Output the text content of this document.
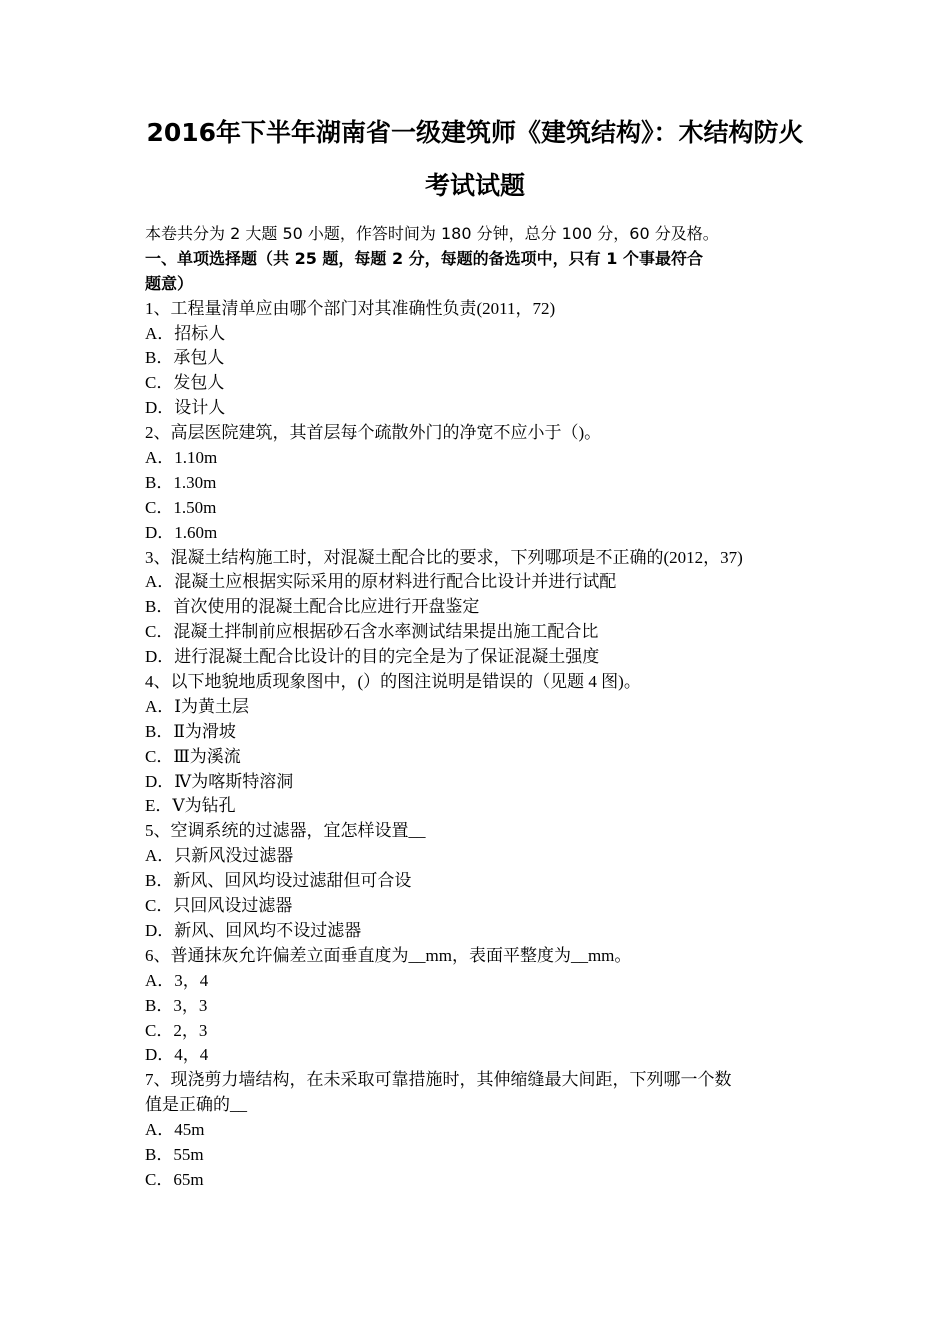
2016年下半年湖南省一级建筑师《建筑结构》：木结构防火
考试试题
本卷共分为 2 大题 50 小题，作答时间为 180 分钟，总分 100 分，60 分及格。
一、单项选择题（共 25 题，每题 2 分，每题的备选项中，只有 1 个事最符合
题意）
1、工程量清单应由哪个部门对其准确性负责(2011，72)
A．招标人
B．承包人
C．发包人
D．设计人
2、高层医院建筑，其首层每个疏散外门的净宽不应小于（)。
A．1.10m
B．1.30m
C．1.50m
D．1.60m
3、混凝土结构施工时，对混凝土配合比的要求，下列哪项是不正确的(2012，37)
A．混凝土应根据实际采用的原材料进行配合比设计并进行试配
B．首次使用的混凝土配合比应进行开盘鉴定
C．混凝土拌制前应根据砂石含水率测试结果提出施工配合比
D．进行混凝土配合比设计的目的完全是为了保证混凝土强度
4、以下地貌地质现象图中，(）的图注说明是错误的（见题 4 图)。
A．Ⅰ为黄土层
B．Ⅱ为滑坡
C．Ⅲ为溪流
D．Ⅳ为喀斯特溶洞
E．Ⅴ为钻孔
5、空调系统的过滤器，宜怎样设置__
A．只新风没过滤器
B．新风、回风均设过滤甜但可合设
C．只回风设过滤器
D．新风、回风均不设过滤器
6、普通抹灰允许偏差立面垂直度为__mm，表面平整度为__mm。
A．3，4
B．3，3
C．2，3
D．4，4
7、现浇剪力墙结构，在未采取可靠措施时，其伸缩缝最大间距，下列哪一个数
值是正确的__
A．45m
B．55m
C．65m
